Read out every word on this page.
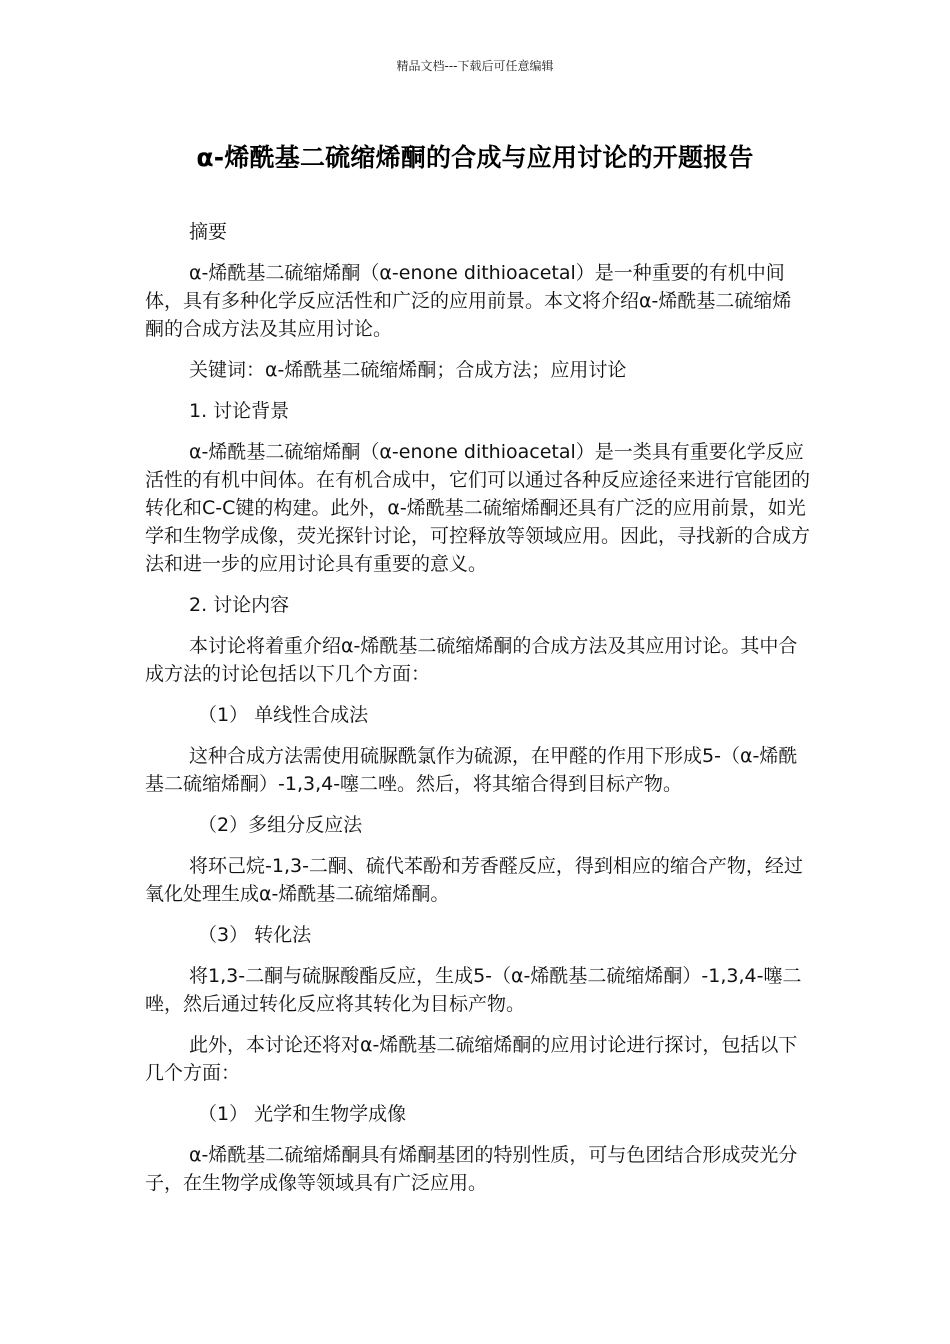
精品文档---下载后可任意编辑
α-烯酰基二硫缩烯酮的合成与应用讨论的开题报告

摘要

α-烯酰基二硫缩烯酮（α-enone dithioacetal）是一种重要的有机中间体，具有多种化学反应活性和广泛的应用前景。本文将介绍α-烯酰基二硫缩烯酮的合成方法及其应用讨论。

关键词：α-烯酰基二硫缩烯酮；合成方法；应用讨论

1. 讨论背景

α-烯酰基二硫缩烯酮（α-enone dithioacetal）是一类具有重要化学反应活性的有机中间体。在有机合成中，它们可以通过各种反应途径来进行官能团的转化和C-C键的构建。此外，α-烯酰基二硫缩烯酮还具有广泛的应用前景，如光学和生物学成像，荧光探针讨论，可控释放等领域应用。因此，寻找新的合成方法和进一步的应用讨论具有重要的意义。

2. 讨论内容

本讨论将着重介绍α-烯酰基二硫缩烯酮的合成方法及其应用讨论。其中合成方法的讨论包括以下几个方面：

（1） 单线性合成法

这种合成方法需使用硫脲酰氯作为硫源，在甲醛的作用下形成5-（α-烯酰基二硫缩烯酮）-1,3,4-噻二唑。然后，将其缩合得到目标产物。

（2）多组分反应法

将环己烷-1,3-二酮、硫代苯酚和芳香醛反应，得到相应的缩合产物，经过氧化处理生成α-烯酰基二硫缩烯酮。

（3） 转化法

将1,3-二酮与硫脲酸酯反应，生成5-（α-烯酰基二硫缩烯酮）-1,3,4-噻二唑，然后通过转化反应将其转化为目标产物。

此外，本讨论还将对α-烯酰基二硫缩烯酮的应用讨论进行探讨，包括以下几个方面：

（1） 光学和生物学成像

α-烯酰基二硫缩烯酮具有烯酮基团的特别性质，可与色团结合形成荧光分子，在生物学成像等领域具有广泛应用。
